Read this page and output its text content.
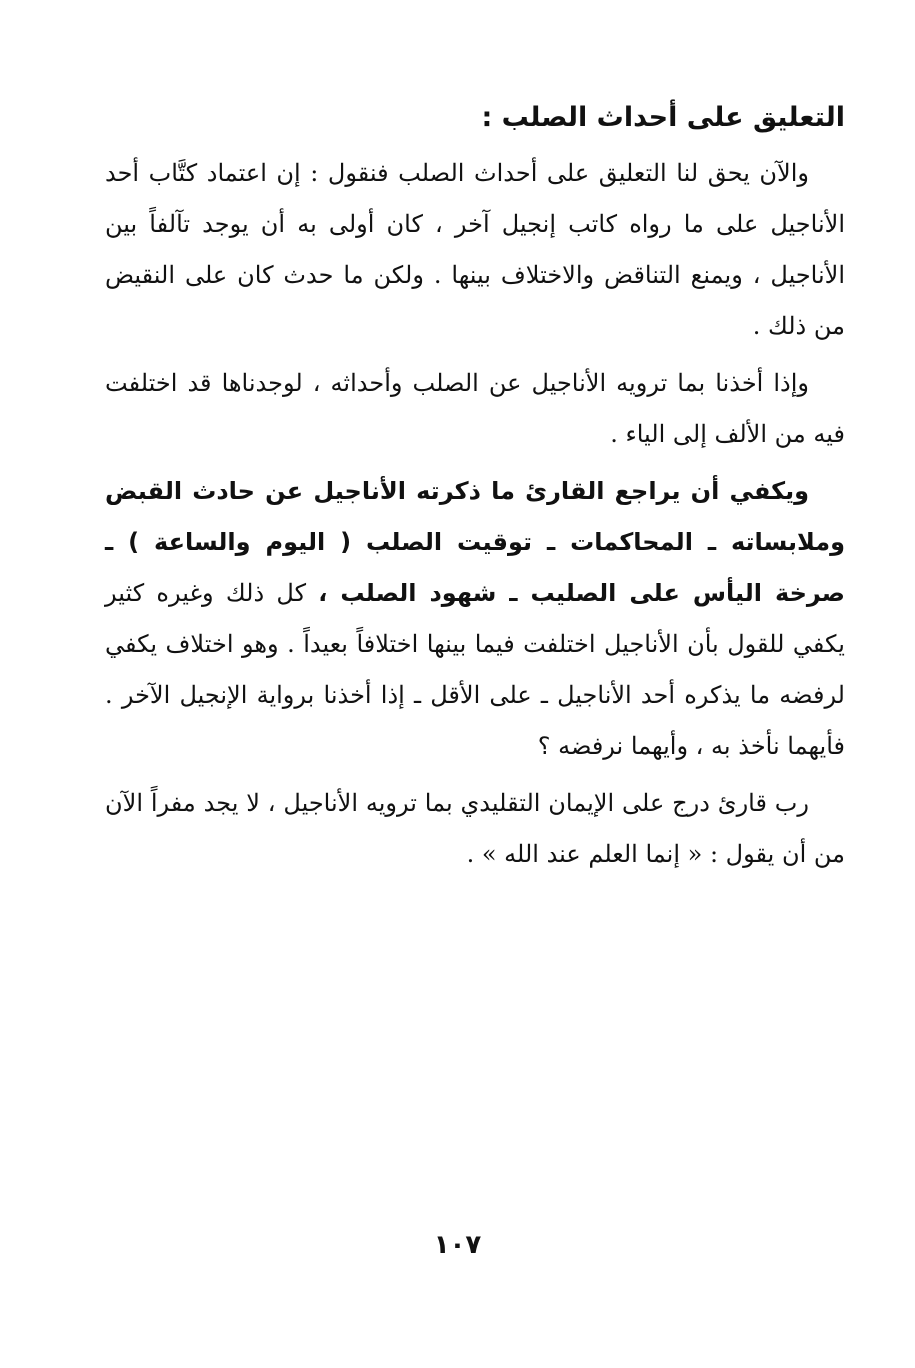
التعليق على أحداث الصلب :

والآن يحق لنا التعليق على أحداث الصلب فنقول : إن اعتماد كتَّاب أحد الأناجيل على ما رواه كاتب إنجيل آخر ، كان أولى به أن يوجد تآلفاً بين الأناجيل ، ويمنع التناقض والاختلاف بينها . ولكن ما حدث كان على النقيض من ذلك .

وإذا أخذنا بما ترويه الأناجيل عن الصلب وأحداثه ، لوجدناها قد اختلفت فيه من الألف إلى الياء .

ويكفي أن يراجع القارئ ما ذكرته الأناجيل عن حادث القبض وملابساته ـ المحاكمات ـ توقيت الصلب ( اليوم والساعة ) ـ صرخة اليأس على الصليب ـ شهود الصلب ، كل ذلك وغيره كثير يكفي للقول بأن الأناجيل اختلفت فيما بينها اختلافاً بعيداً . وهو اختلاف يكفي لرفضه ما يذكره أحد الأناجيل ـ على الأقل ـ إذا أخذنا برواية الإنجيل الآخر . فأيهما نأخذ به ، وأيهما نرفضه ؟

رب قارئ درج على الإيمان التقليدي بما ترويه الأناجيل ، لا يجد مفراً الآن من أن يقول : « إنما العلم عند الله » .

١٠٧
